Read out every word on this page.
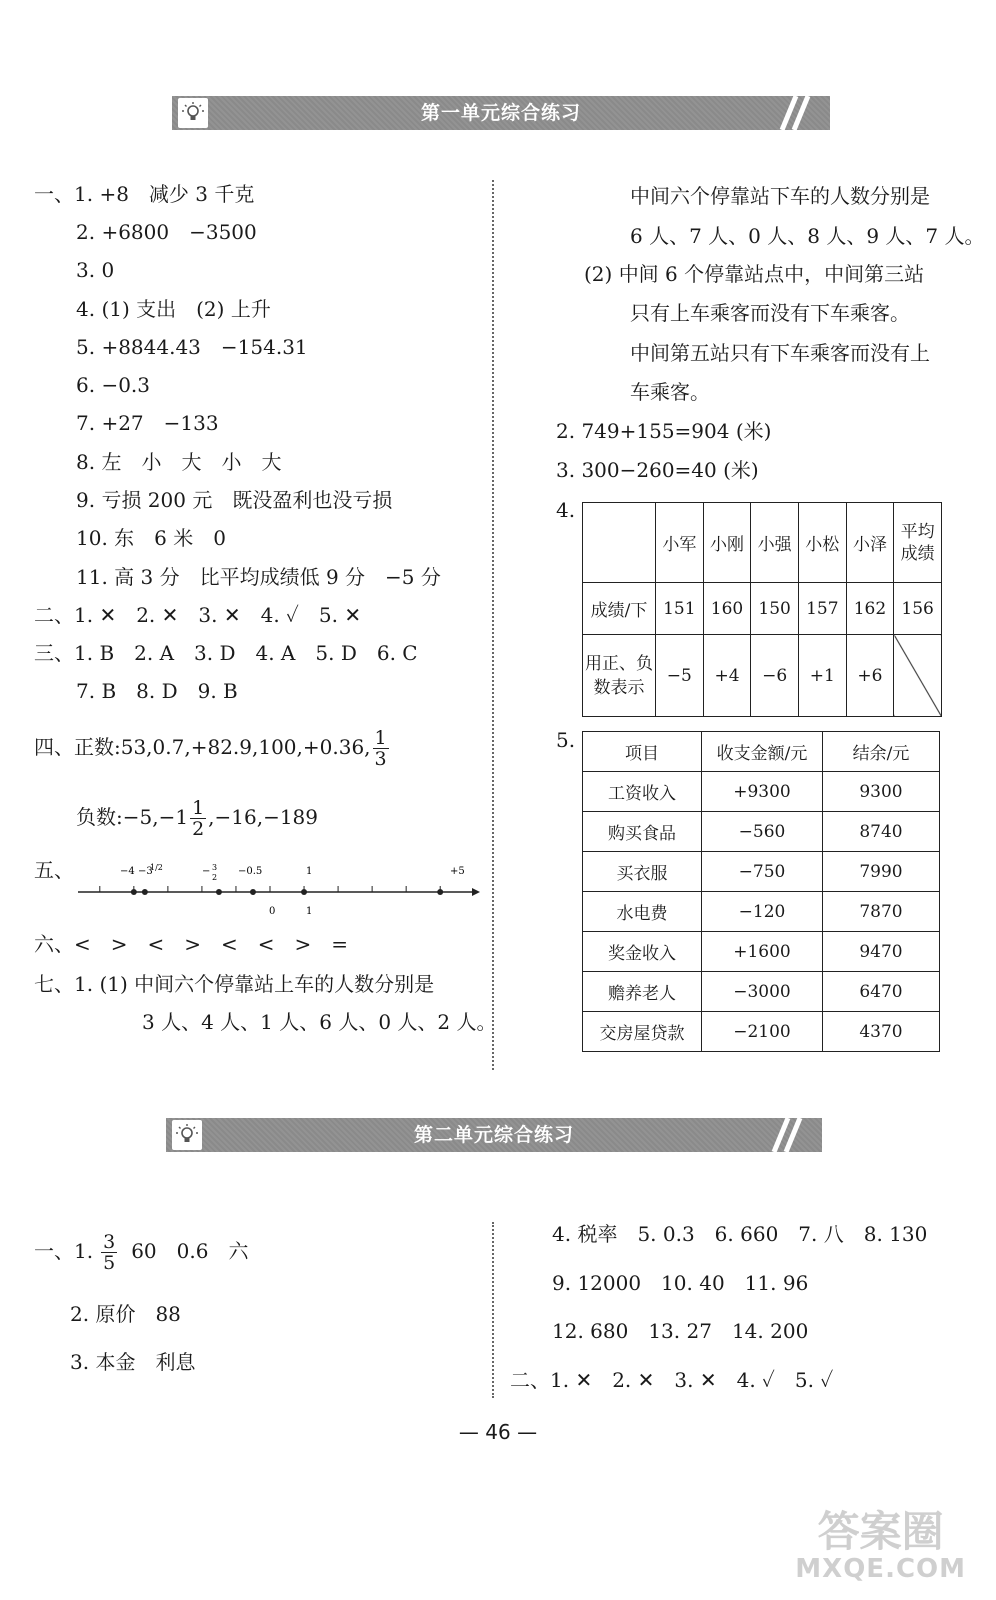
第一单元综合练习
一、1. +8　减少 3 千克
2. +6800　−3500
3. 0
4. (1) 支出　(2) 上升
5. +8844.43　−154.31
6. −0.3
7. +27　−133
8. 左　小　大　小　大
9. 亏损 200 元　既没盈利也没亏损
10. 东　6 米　0
11. 高 3 分　比平均成绩低 9 分　−5 分
二、1. ✕　2. ✕　3. ✕　4. ✓　5. ✕
三、1. B　2. A　3. D　4. A　5. D　6. C
7. B　8. D　9. B
四、正数:53,0.7,+82.9,100,+0.36, $\frac{1}{3}$
负数:−5,−1 $\frac{1}{2} ,-16,-189$
五、	−4 −3
1/2	− 3
2
−0.5	1	+5
0	1
六、<　>　<　>　<　<　>　=
七、1. (1) 中间六个停靠站上车的人数分别是
3 人、4 人、1 人、6 人、0 人、2 人。
中间六个停靠站下车的人数分别是
6 人、7 人、0 人、8 人、9 人、7 人。
(2) 中间 6 个停靠站点中，中间第三站
只有上车乘客而没有下车乘客。
中间第五站只有下车乘客而没有上
车乘客。
2. 749+155=904 (米)
3. 300−260=40 (米)
4.
	小军	小刚	小强	小松	小泽	平均
成绩
成绩/下	151	160	150	157	162	156
用正、负
数表示	−5	+4	−6	+1	+6	
5.
项目	收支金额/元	结余/元
工资收入	+9300	9300
购买食品	−560	8740
买衣服	−750	7990
水电费	−120	7870
奖金收入	+1600	9470
赡养老人	−3000	6470
交房屋贷款	−2100	4370
第二单元综合练习
一、1. $\frac{3}{5} 60$　0.6　六
2. 原价　88
3. 本金　利息
4. 税率　5. 0.3　6. 660　7. 八　8. 130
9. 12000　10. 40　11. 96
12. 680　13. 27　14. 200
二、1. ✕　2. ✕　3. ✕　4. ✓　5. ✓
— 46 —
答案圈
MXQE.COM
